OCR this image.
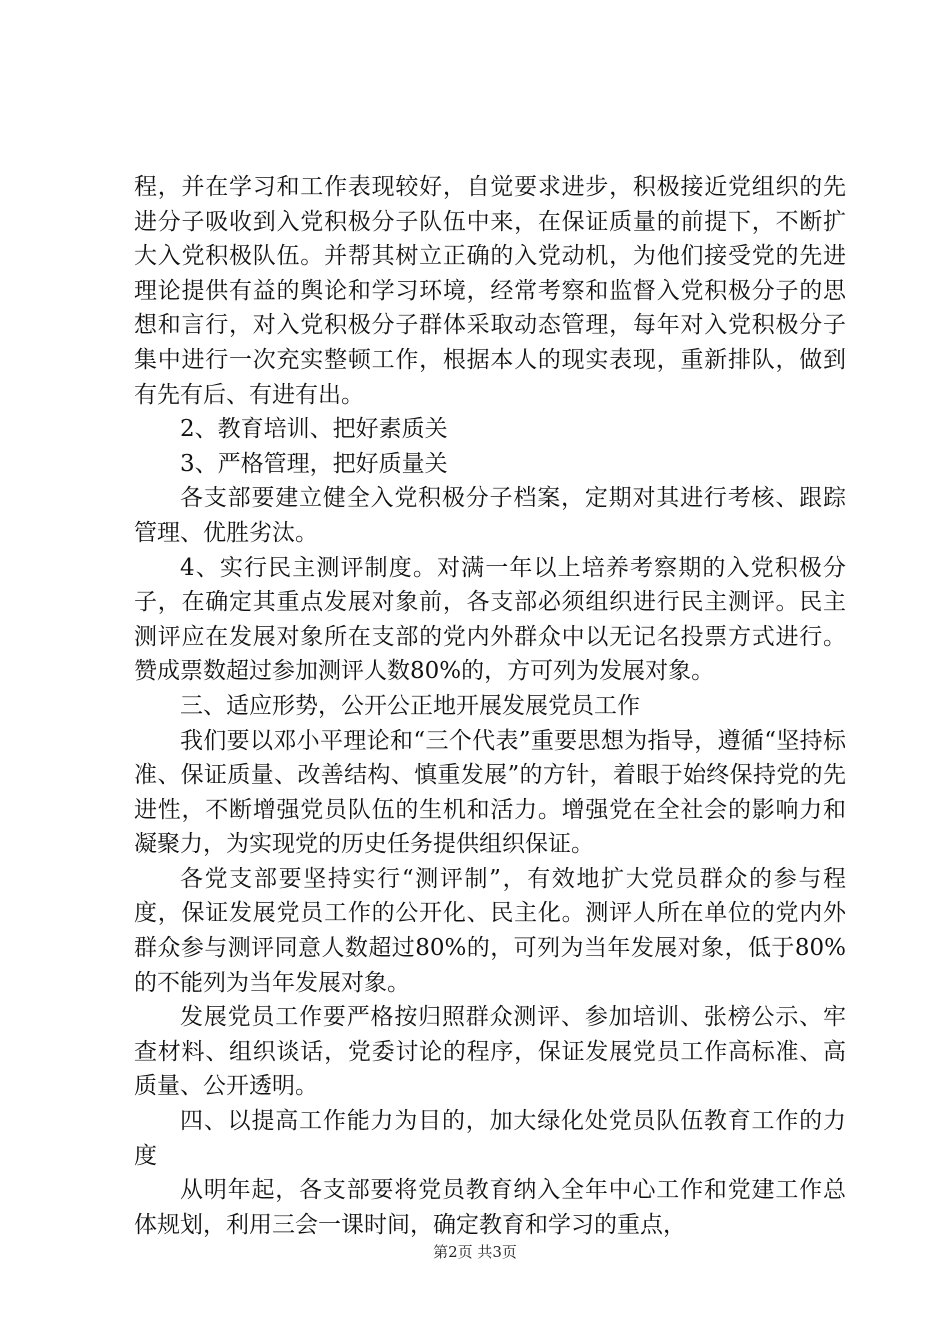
程，并在学习和工作表现较好，自觉要求进步，积极接近党组织的先进分子吸收到入党积极分子队伍中来，在保证质量的前提下，不断扩大入党积极队伍。并帮其树立正确的入党动机，为他们接受党的先进理论提供有益的舆论和学习环境，经常考察和监督入党积极分子的思想和言行，对入党积极分子群体采取动态管理，每年对入党积极分子集中进行一次充实整顿工作，根据本人的现实表现，重新排队，做到有先有后、有进有出。

2、教育培训、把好素质关

3、严格管理，把好质量关

各支部要建立健全入党积极分子档案，定期对其进行考核、跟踪管理、优胜劣汰。

4、实行民主测评制度。对满一年以上培养考察期的入党积极分子，在确定其重点发展对象前，各支部必须组织进行民主测评。民主测评应在发展对象所在支部的党内外群众中以无记名投票方式进行。赞成票数超过参加测评人数80%的，方可列为发展对象。

三、适应形势，公开公正地开展发展党员工作

我们要以邓小平理论和“三个代表”重要思想为指导，遵循“坚持标准、保证质量、改善结构、慎重发展”的方针，着眼于始终保持党的先进性，不断增强党员队伍的生机和活力。增强党在全社会的影响力和凝聚力，为实现党的历史任务提供组织保证。

各党支部要坚持实行“测评制”，有效地扩大党员群众的参与程度，保证发展党员工作的公开化、民主化。测评人所在单位的党内外群众参与测评同意人数超过80%的，可列为当年发展对象，低于80%的不能列为当年发展对象。

发展党员工作要严格按归照群众测评、参加培训、张榜公示、牢查材料、组织谈话，党委讨论的程序，保证发展党员工作高标准、高质量、公开透明。

四、以提高工作能力为目的，加大绿化处党员队伍教育工作的力度

从明年起，各支部要将党员教育纳入全年中心工作和党建工作总体规划，利用三会一课时间，确定教育和学习的重点，

第2页 共3页
